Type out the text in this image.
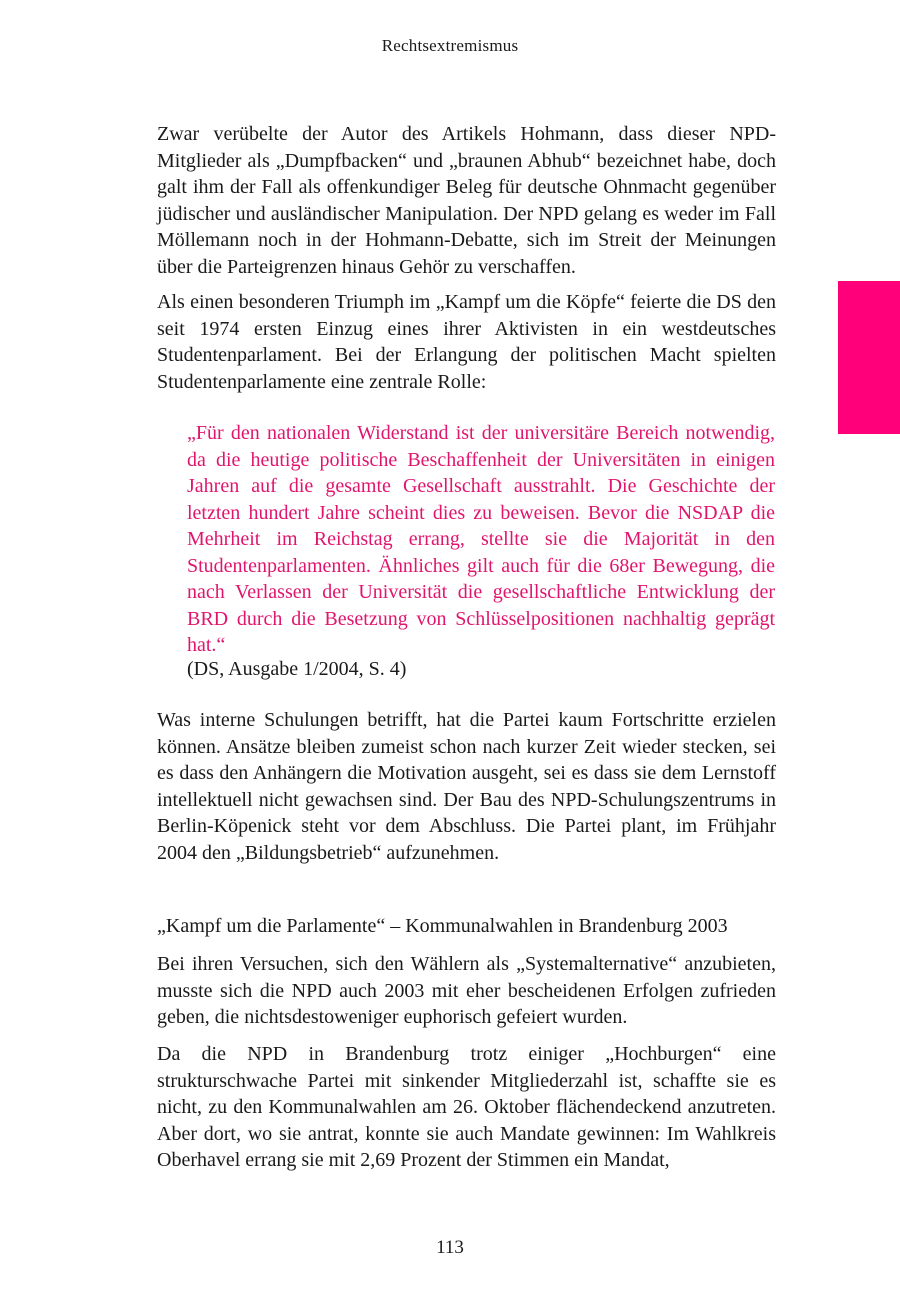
Rechtsextremismus

Zwar verübelte der Autor des Artikels Hohmann, dass dieser NPD-Mitglieder als „Dumpfbacken“ und „braunen Abhub“ bezeichnet habe, doch galt ihm der Fall als offenkundiger Beleg für deutsche Ohnmacht gegenüber jüdischer und ausländischer Manipulation. Der NPD gelang es weder im Fall Möllemann noch in der Hohmann-Debatte, sich im Streit der Meinungen über die Parteigrenzen hinaus Gehör zu verschaffen.

Als einen besonderen Triumph im „Kampf um die Köpfe“ feierte die DS den seit 1974 ersten Einzug eines ihrer Aktivisten in ein westdeutsches Studentenparlament. Bei der Erlangung der politischen Macht spielten Studentenparlamente eine zentrale Rolle:

„Für den nationalen Widerstand ist der universitäre Bereich notwendig, da die heutige politische Beschaffenheit der Universitäten in einigen Jahren auf die gesamte Gesellschaft ausstrahlt. Die Geschichte der letzten hundert Jahre scheint dies zu beweisen. Bevor die NSDAP die Mehrheit im Reichstag errang, stellte sie die Majorität in den Studentenparlamenten. Ähnliches gilt auch für die 68er Bewegung, die nach Verlassen der Universität die gesellschaftliche Entwicklung der BRD durch die Besetzung von Schlüsselpositionen nachhaltig geprägt hat.“

(DS, Ausgabe 1/2004, S. 4)

Was interne Schulungen betrifft, hat die Partei kaum Fortschritte erzielen können. Ansätze bleiben zumeist schon nach kurzer Zeit wieder stecken, sei es dass den Anhängern die Motivation ausgeht, sei es dass sie dem Lernstoff intellektuell nicht gewachsen sind. Der Bau des NPD-Schulungszentrums in Berlin-Köpenick steht vor dem Abschluss. Die Partei plant, im Frühjahr 2004 den „Bildungsbetrieb“ aufzunehmen.

„Kampf um die Parlamente“ – Kommunalwahlen in Brandenburg 2003

Bei ihren Versuchen, sich den Wählern als „Systemalternative“ anzubieten, musste sich die NPD auch 2003 mit eher bescheidenen Erfolgen zufrieden geben, die nichtsdestoweniger euphorisch gefeiert wurden.

Da die NPD in Brandenburg trotz einiger „Hochburgen“ eine strukturschwache Partei mit sinkender Mitgliederzahl ist, schaffte sie es nicht, zu den Kommunalwahlen am 26. Oktober flächendeckend anzutreten. Aber dort, wo sie antrat, konnte sie auch Mandate gewinnen: Im Wahlkreis Oberhavel errang sie mit 2,69 Prozent der Stimmen ein Mandat,

113
